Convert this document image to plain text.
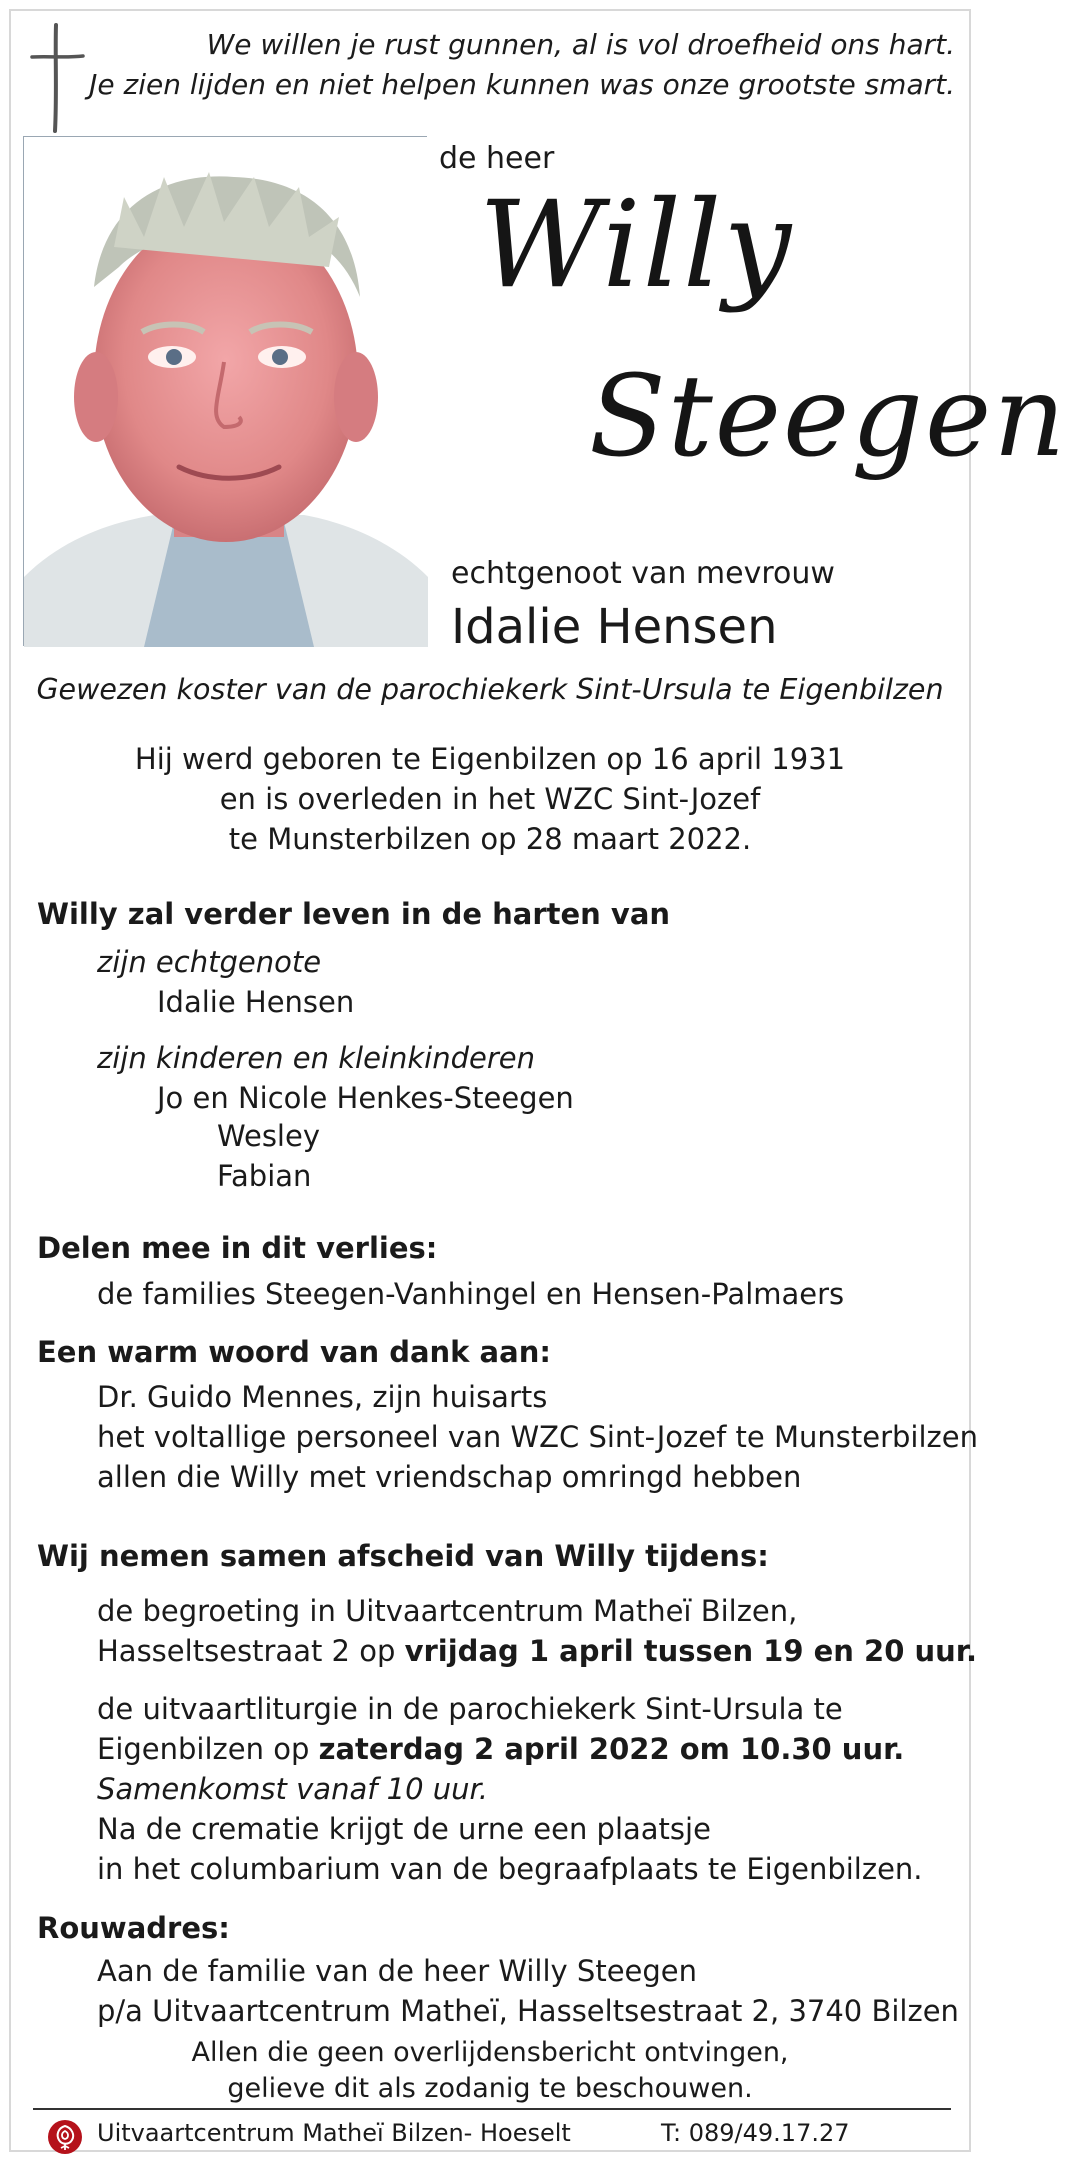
We willen je rust gunnen, al is vol droefheid ons hart.
Je zien lijden en niet helpen kunnen was onze grootste smart.
de heer
Willy
Steegen
echtgenoot van mevrouw
Idalie Hensen
Gewezen koster van de parochiekerk Sint-Ursula te Eigenbilzen
Hij werd geboren te Eigenbilzen op 16 april 1931
en is overleden in het WZC Sint-Jozef
te Munsterbilzen op 28 maart 2022.
Willy zal verder leven in de harten van
zijn echtgenote
Idalie Hensen
zijn kinderen en kleinkinderen
Jo en Nicole Henkes-Steegen
Wesley
Fabian
Delen mee in dit verlies:
de families Steegen-Vanhingel en Hensen-Palmaers
Een warm woord van dank aan:
Dr. Guido Mennes, zijn huisarts
het voltallige personeel van WZC Sint-Jozef te Munsterbilzen
allen die Willy met vriendschap omringd hebben
Wij nemen samen afscheid van Willy tijdens:
de begroeting in Uitvaartcentrum Matheï Bilzen,
Hasseltsestraat 2 op vrijdag 1 april tussen 19 en 20 uur.
de uitvaartliturgie in de parochiekerk Sint-Ursula te
Eigenbilzen op zaterdag 2 april 2022 om 10.30 uur.
Samenkomst vanaf 10 uur.
Na de crematie krijgt de urne een plaatsje
in het columbarium van de begraafplaats te Eigenbilzen.
Rouwadres:
Aan de familie van de heer Willy Steegen
p/a Uitvaartcentrum Matheï, Hasseltsestraat 2, 3740 Bilzen
Allen die geen overlijdensbericht ontvingen,
gelieve dit als zodanig te beschouwen.
Uitvaartcentrum Matheï Bilzen- Hoeselt	T: 089/49.17.27
